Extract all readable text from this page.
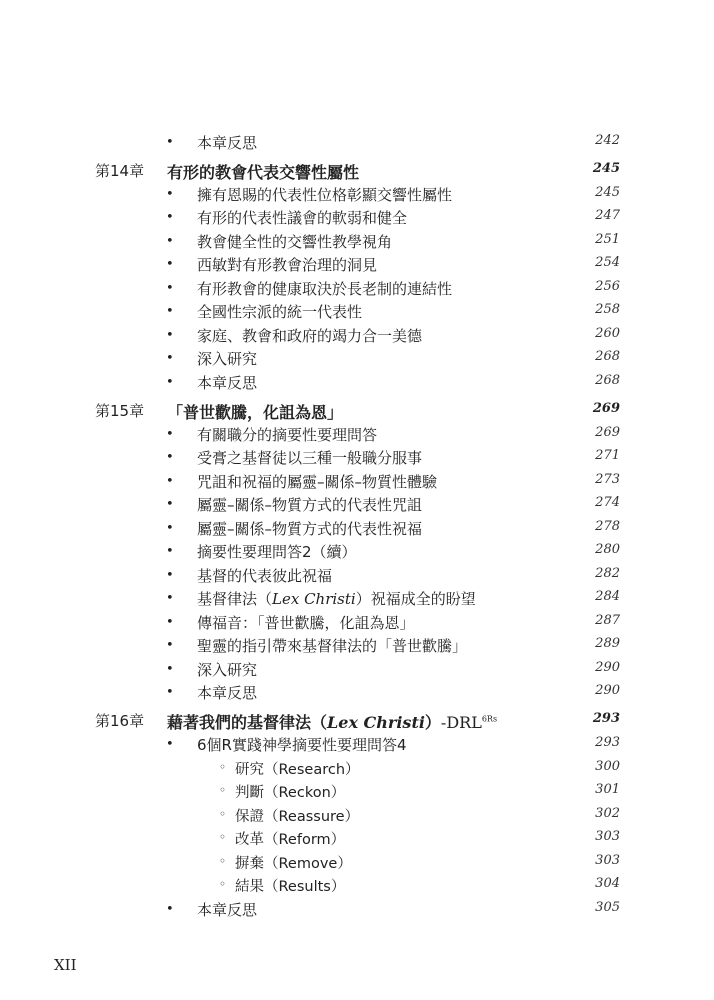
• 本章反思	242
第14章 有形的教會代表交響性屬性	245
• 擁有恩賜的代表性位格彰顯交響性屬性	245
• 有形的代表性議會的軟弱和健全	247
• 教會健全性的交響性教學視角	251
• 西敏對有形教會治理的洞見	254
• 有形教會的健康取決於長老制的連結性	256
• 全國性宗派的統一代表性	258
• 家庭、教會和政府的竭力合一美德	260
• 深入研究	268
• 本章反思	268
第15章 「普世歡騰，化詛為恩」	269
• 有關職分的摘要性要理問答	269
• 受膏之基督徒以三種一般職分服事	271
• 咒詛和祝福的屬靈–關係–物質性體驗	273
• 屬靈–關係–物質方式的代表性咒詛	274
• 屬靈–關係–物質方式的代表性祝福	278
• 摘要性要理問答2（續）	280
• 基督的代表彼此祝福	282
• 基督律法（Lex Christi）祝福成全的盼望	284
• 傳福音：「普世歡騰，化詛為恩」	287
• 聖靈的指引帶來基督律法的「普世歡騰」	289
• 深入研究	290
• 本章反思	290
第16章 藉著我們的基督律法（Lex $Christi)-DRL^{6Rs}$	293
• 6個R實踐神學摘要性要理問答4	293
◦ 研究（Research）	300
◦ 判斷（Reckon）	301
◦ 保證（Reassure）	302
◦ 改革（Reform）	303
◦ 摒棄（Remove）	303
◦ 結果（Results）	304
• 本章反思	305
XII
